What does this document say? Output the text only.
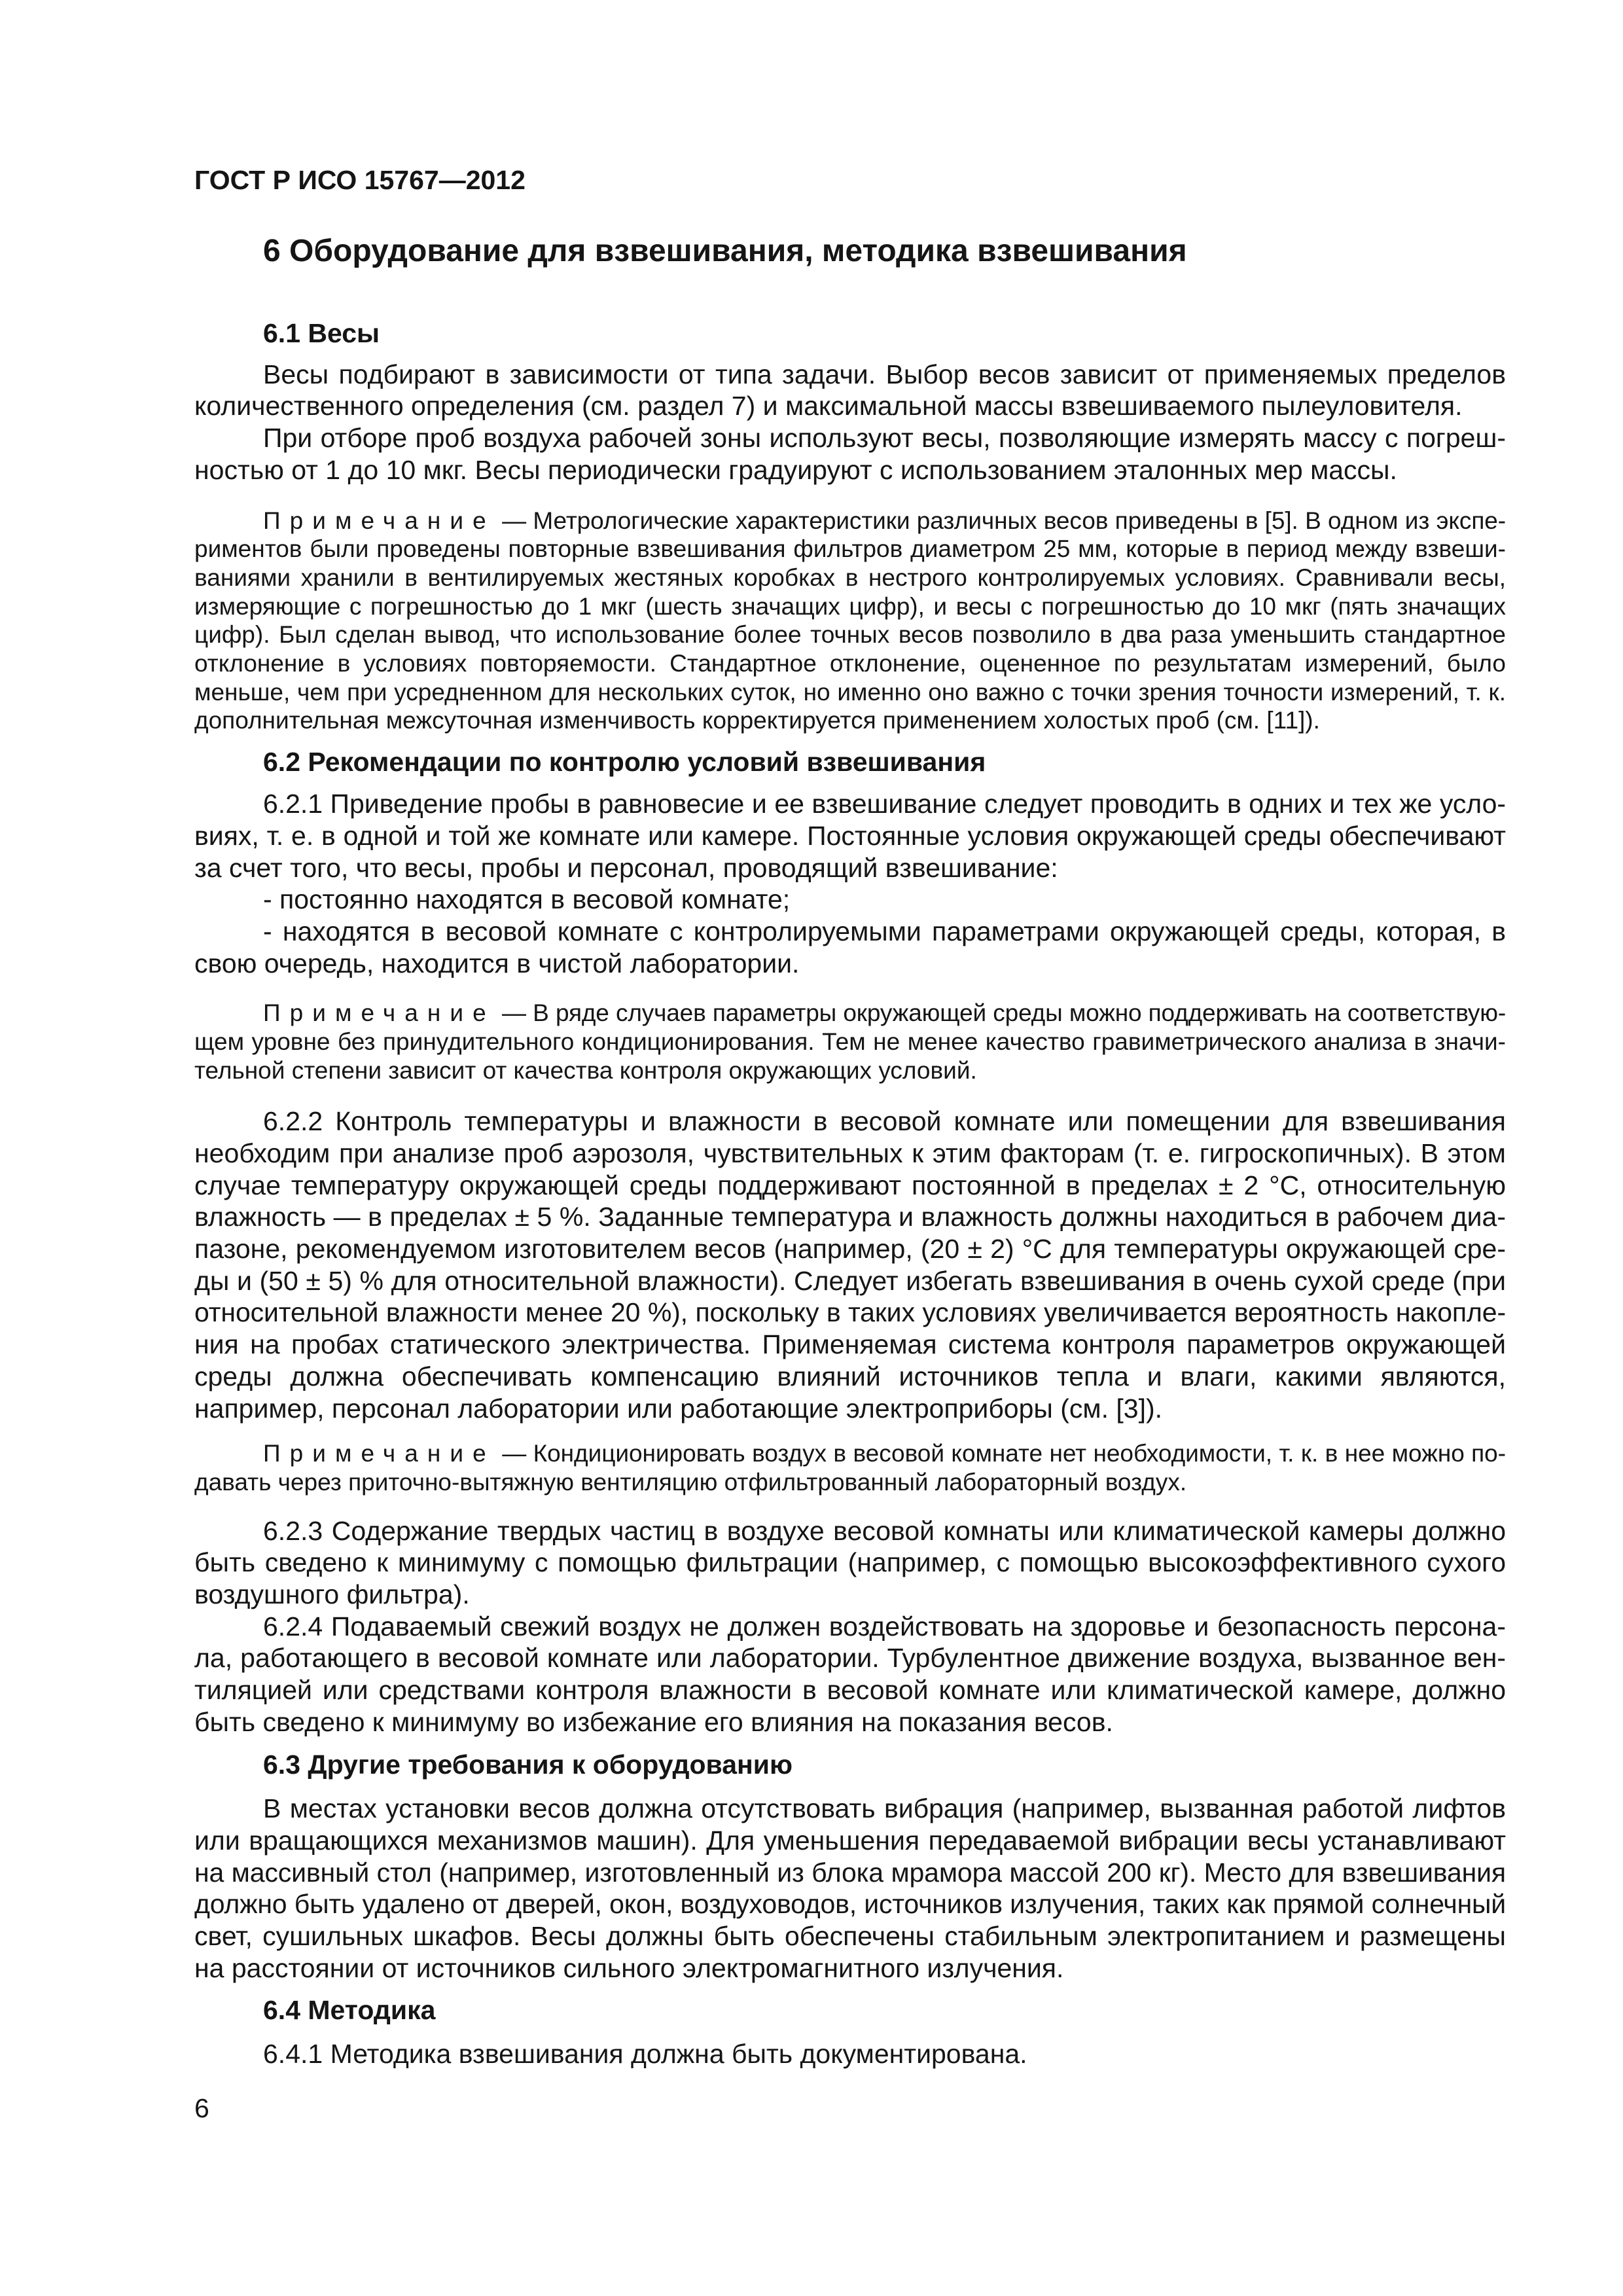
ГОСТ Р ИСО 15767—2012
6 Оборудование для взвешивания, методика взвешивания
6.1 Весы
Весы подбирают в зависимости от типа задачи. Выбор весов зависит от применяемых пределов
количественного определения (см. раздел 7) и максимальной массы взвешиваемого пылеуловителя.
При отборе проб воздуха рабочей зоны используют весы, позволяющие измерять массу с погреш-
ностью от 1 до 10 мкг. Весы периодически градуируют с использованием эталонных мер массы.
Примечание — Метрологические характеристики различных весов приведены в [5]. В одном из экспе-
риментов были проведены повторные взвешивания фильтров диаметром 25 мм, которые в период между взвеши-
ваниями хранили в вентилируемых жестяных коробках в нестрого контролируемых условиях. Сравнивали весы,
измеряющие с погрешностью до 1 мкг (шесть значащих цифр), и весы с погрешностью до 10 мкг (пять значащих
цифр). Был сделан вывод, что использование более точных весов позволило в два раза уменьшить стандартное
отклонение в условиях повторяемости. Стандартное отклонение, оцененное по результатам измерений, было
меньше, чем при усредненном для нескольких суток, но именно оно важно с точки зрения точности измерений, т. к.
дополнительная межсуточная изменчивость корректируется применением холостых проб (см. [11]).
6.2 Рекомендации по контролю условий взвешивания
6.2.1 Приведение пробы в равновесие и ее взвешивание следует проводить в одних и тех же усло-
виях, т. е. в одной и той же комнате или камере. Постоянные условия окружающей среды обеспечивают
за счет того, что весы, пробы и персонал, проводящий взвешивание:
- постоянно находятся в весовой комнате;
- находятся в весовой комнате с контролируемыми параметрами окружающей среды, которая, в
свою очередь, находится в чистой лаборатории.
Примечание — В ряде случаев параметры окружающей среды можно поддерживать на соответствую-
щем уровне без принудительного кондиционирования. Тем не менее качество гравиметрического анализа в значи-
тельной степени зависит от качества контроля окружающих условий.
6.2.2 Контроль температуры и влажности в весовой комнате или помещении для взвешивания
необходим при анализе проб аэрозоля, чувствительных к этим факторам (т. е. гигроскопичных). В этом
случае температуру окружающей среды поддерживают постоянной в пределах ± 2 °С, относительную
влажность — в пределах ± 5 %. Заданные температура и влажность должны находиться в рабочем диа-
пазоне, рекомендуемом изготовителем весов (например, (20 ± 2) °С для температуры окружающей сре-
ды и (50 ± 5) % для относительной влажности). Следует избегать взвешивания в очень сухой среде (при
относительной влажности менее 20 %), поскольку в таких условиях увеличивается вероятность накопле-
ния на пробах статического электричества. Применяемая система контроля параметров окружающей
среды должна обеспечивать компенсацию влияний источников тепла и влаги, какими являются,
например, персонал лаборатории или работающие электроприборы (см. [3]).
Примечание — Кондиционировать воздух в весовой комнате нет необходимости, т. к. в нее можно по-
давать через приточно-вытяжную вентиляцию отфильтрованный лабораторный воздух.
6.2.3 Содержание твердых частиц в воздухе весовой комнаты или климатической камеры должно
быть сведено к минимуму с помощью фильтрации (например, с помощью высокоэффективного сухого
воздушного фильтра).
6.2.4 Подаваемый свежий воздух не должен воздействовать на здоровье и безопасность персона-
ла, работающего в весовой комнате или лаборатории. Турбулентное движение воздуха, вызванное вен-
тиляцией или средствами контроля влажности в весовой комнате или климатической камере, должно
быть сведено к минимуму во избежание его влияния на показания весов.
6.3 Другие требования к оборудованию
В местах установки весов должна отсутствовать вибрация (например, вызванная работой лифтов
или вращающихся механизмов машин). Для уменьшения передаваемой вибрации весы устанавливают
на массивный стол (например, изготовленный из блока мрамора массой 200 кг). Место для взвешивания
должно быть удалено от дверей, окон, воздуховодов, источников излучения, таких как прямой солнечный
свет, сушильных шкафов. Весы должны быть обеспечены стабильным электропитанием и размещены
на расстоянии от источников сильного электромагнитного излучения.
6.4 Методика
6.4.1 Методика взвешивания должна быть документирована.
6
